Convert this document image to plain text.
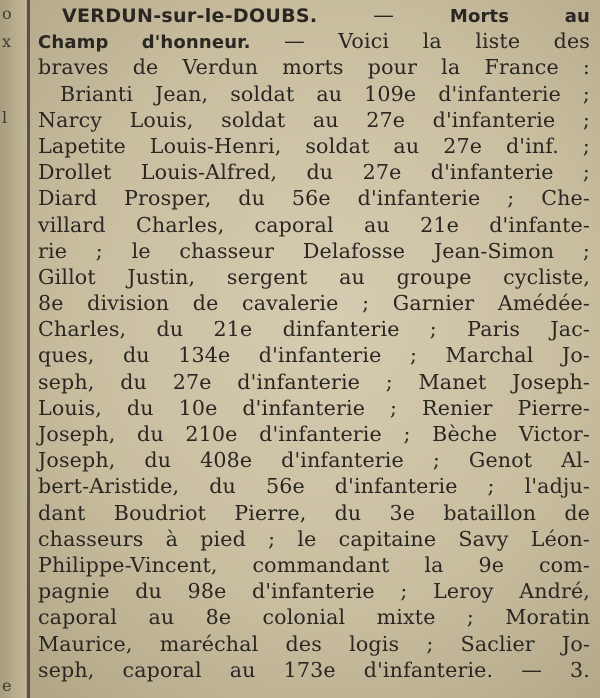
o
x
l
e
VERDUN-sur-le-DOUBS.	—	Morts au
Champ d'honneur. — Voici la liste des
braves de Verdun morts pour la France :
Brianti Jean, soldat au 109e d'infanterie ;
Narcy Louis, soldat au 27e d'infanterie ;
Lapetite Louis-Henri, soldat au 27e d'inf. ;
Drollet Louis-Alfred, du 27e d'infanterie ;
Diard Prosper, du 56e d'infanterie ; Che-
villard Charles, caporal au 21e d'infante-
rie ; le chasseur Delafosse Jean-Simon ;
Gillot Justin, sergent au groupe cycliste,
8e division de cavalerie ; Garnier Amédée-
Charles, du 21e dinfanterie ; Paris Jac-
ques, du 134e d'infanterie ; Marchal Jo-
seph, du 27e d'infanterie ; Manet Joseph-
Louis, du 10e d'infanterie ; Renier Pierre-
Joseph, du 210e d'infanterie ; Bèche Victor-
Joseph, du 408e d'infanterie ; Genot Al-
bert-Aristide, du 56e d'infanterie ; l'adju-
dant Boudriot Pierre, du 3e bataillon de
chasseurs à pied ; le capitaine Savy Léon-
Philippe-Vincent, commandant la 9e com-
pagnie du 98e d'infanterie ; Leroy André,
caporal au 8e colonial mixte ; Moratin
Maurice, maréchal des logis ; Saclier Jo-
seph, caporal au 173e d'infanterie. — 3.
